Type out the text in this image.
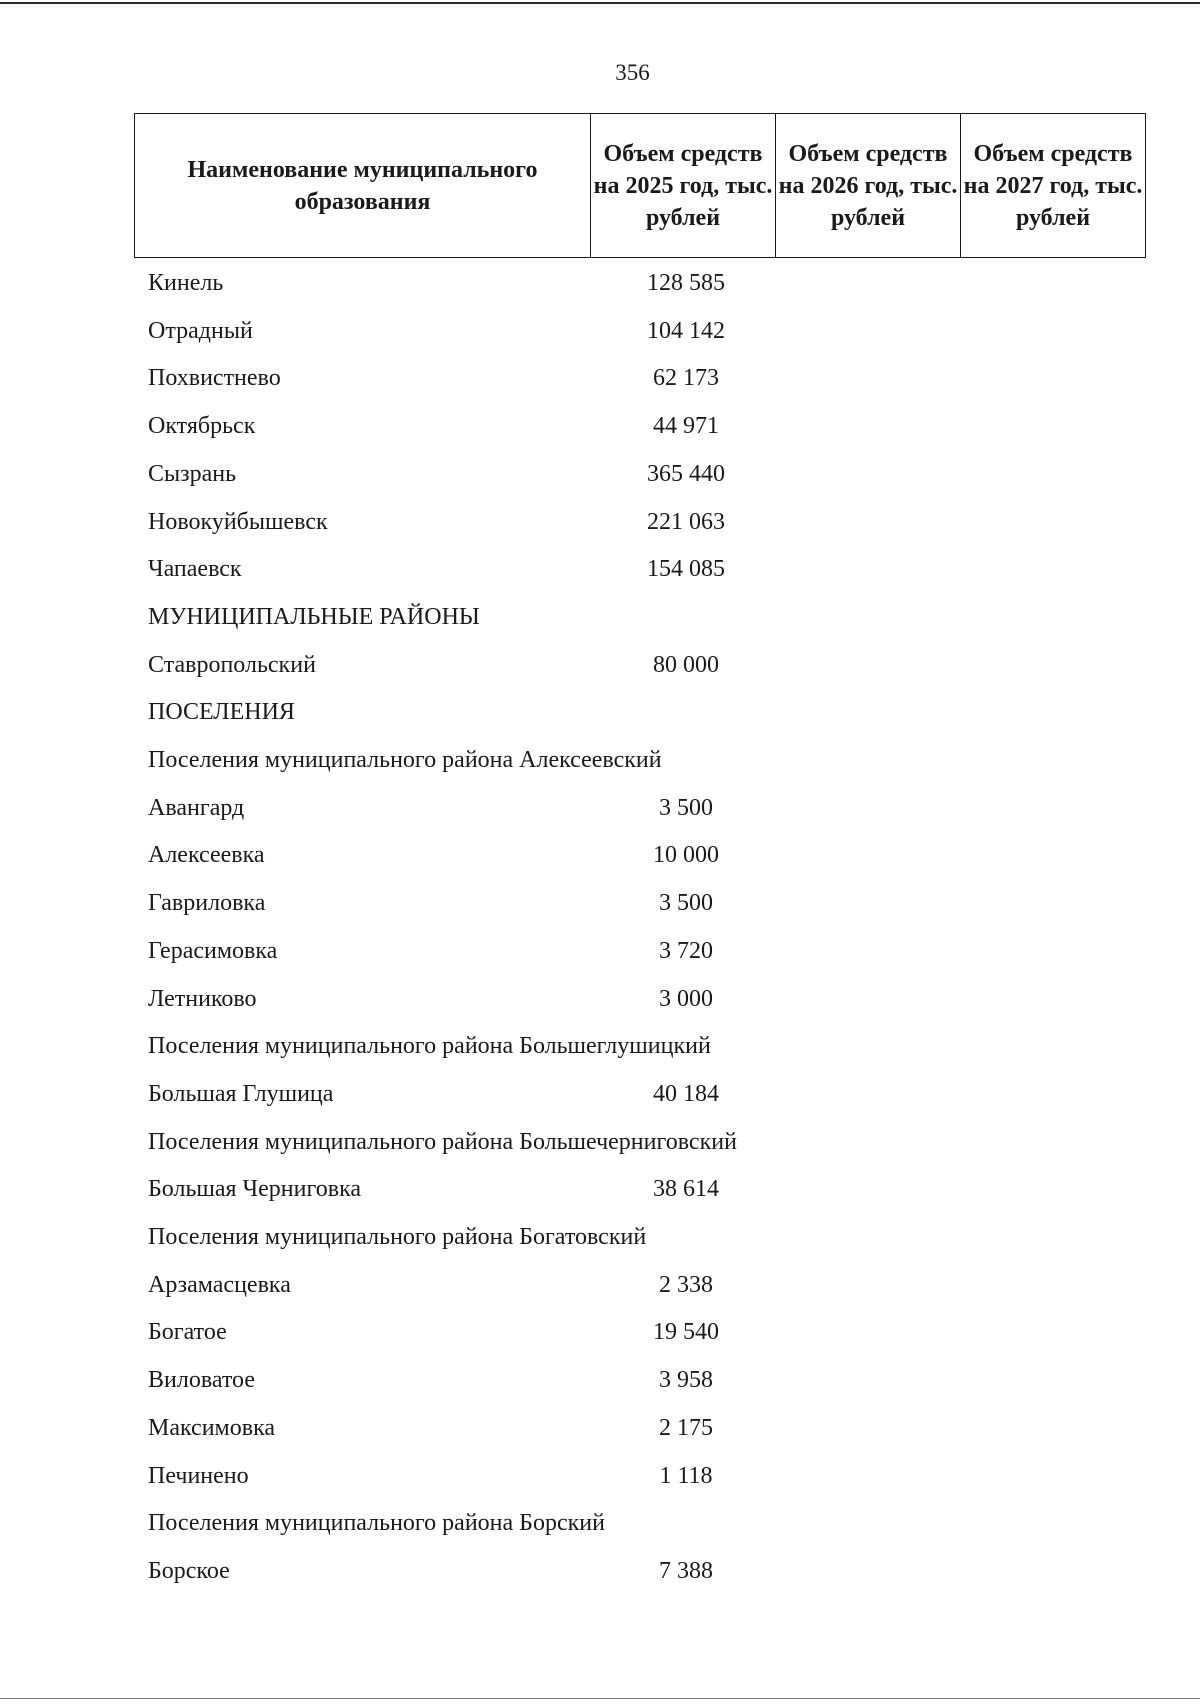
356
Наименование муниципального образования	Объем средств на 2025 год, тыс. рублей	Объем средств на 2026 год, тыс. рублей	Объем средств на 2027 год, тыс. рублей
Кинель	128 585
Отрадный	104 142
Похвистнево	62 173
Октябрьск	44 971
Сызрань	365 440
Новокуйбышевск	221 063
Чапаевск	154 085
МУНИЦИПАЛЬНЫЕ РАЙОНЫ
Ставропольский	80 000
ПОСЕЛЕНИЯ
Поселения муниципального района Алексеевский
Авангард	3 500
Алексеевка	10 000
Гавриловка	3 500
Герасимовка	3 720
Летниково	3 000
Поселения муниципального района Большеглушицкий
Большая Глушица	40 184
Поселения муниципального района Большечерниговский
Большая Черниговка	38 614
Поселения муниципального района Богатовский
Арзамасцевка	2 338
Богатое	19 540
Виловатое	3 958
Максимовка	2 175
Печинено	1 118
Поселения муниципального района Борский
Борское	7 388
